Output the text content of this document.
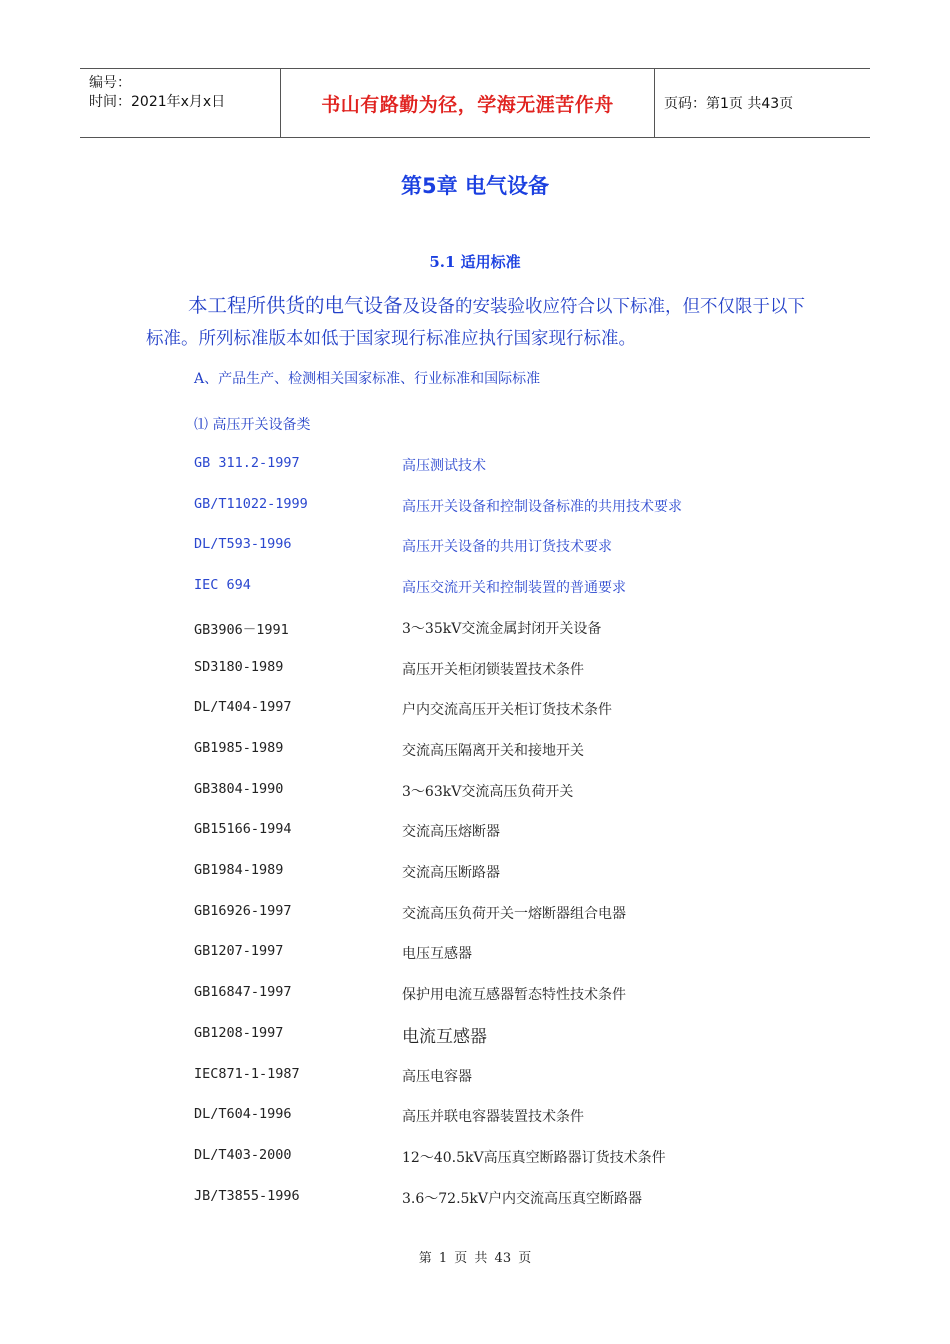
编号：
时间：2021年x月x日	书山有路勤为径，学海无涯苦作舟	页码：第1页 共43页
第5章 电气设备
5.1 适用标准
本工程所供货的电气设备及设备的安装验收应符合以下标准，但不仅限于以下标准。所列标准版本如低于国家现行标准应执行国家现行标准。
A、产品生产、检测相关国家标准、行业标准和国际标准
⑴ 高压开关设备类
GB 311.2-1997	高压测试技术
GB/T11022-1999	高压开关设备和控制设备标准的共用技术要求
DL/T593-1996	高压开关设备的共用订货技术要求
IEC 694	高压交流开关和控制装置的普通要求
GB3906－1991	3～35kV交流金属封闭开关设备
SD3180-1989	高压开关柜闭锁装置技术条件
DL/T404-1997	户内交流高压开关柜订货技术条件
GB1985-1989	交流高压隔离开关和接地开关
GB3804-1990	3～63kV交流高压负荷开关
GB15166-1994	交流高压熔断器
GB1984-1989	交流高压断路器
GB16926-1997	交流高压负荷开关一熔断器组合电器
GB1207-1997	电压互感器
GB16847-1997	保护用电流互感器暂态特性技术条件
GB1208-1997	电流互感器
IEC871-1-1987	高压电容器
DL/T604-1996	高压并联电容器装置技术条件
DL/T403-2000	12～40.5kV高压真空断路器订货技术条件
JB/T3855-1996	3.6～72.5kV户内交流高压真空断路器
第 1 页 共 43 页
